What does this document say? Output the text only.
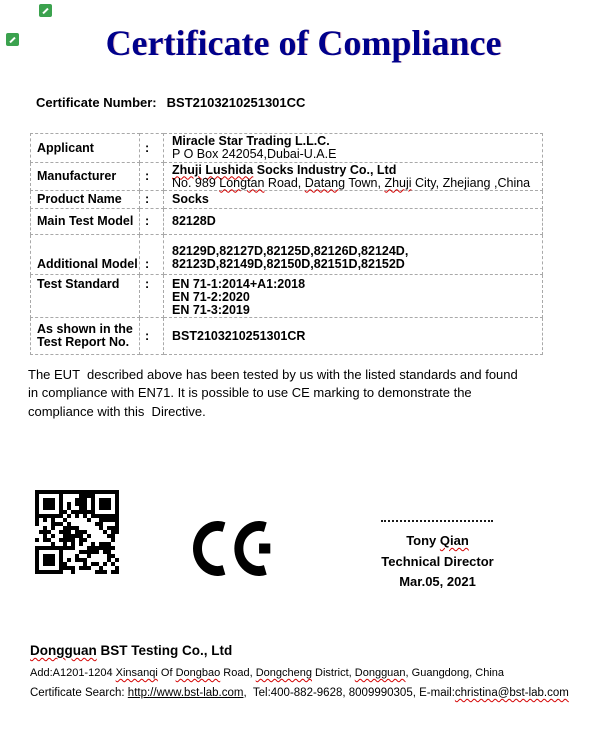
Certificate of Compliance
Certificate Number: BST2103210251301CC
Applicant	:	Miracle Star Trading L.L.C.
P O Box 242054,Dubai-U.A.E

Manufacturer	:	Zhuji Lushida Socks Industry Co., Ltd
No. 989 Longtan Road, Datang Town, Zhuji City, Zhejiang ,China

Product Name	:	Socks

Main Test Model	:	82128D

Additional Model	:	82129D,82127D,82125D,82126D,82124D,
82123D,82149D,82150D,82151D,82152D

Test Standard	:	EN 71-1:2014+A1:2018
EN 71-2:2020
EN 71-3:2019

As shown in the Test Report No.	:	BST2103210251301CR
The EUT  described above has been tested by us with the listed standards and found
in compliance with EN71. It is possible to use CE marking to demonstrate the
compliance with this  Directive.
Tony Qian
Technical Director
Mar.05, 2021
Dongguan BST Testing Co., Ltd
Add:A1201-1204 Xinsanqi Of Dongbao Road, Dongcheng District, Dongguan, Guangdong, China
Certificate Search: http://www.bst-lab.com,  Tel:400-882-9628, 8009990305, E-mail:christina@bst-lab.com
